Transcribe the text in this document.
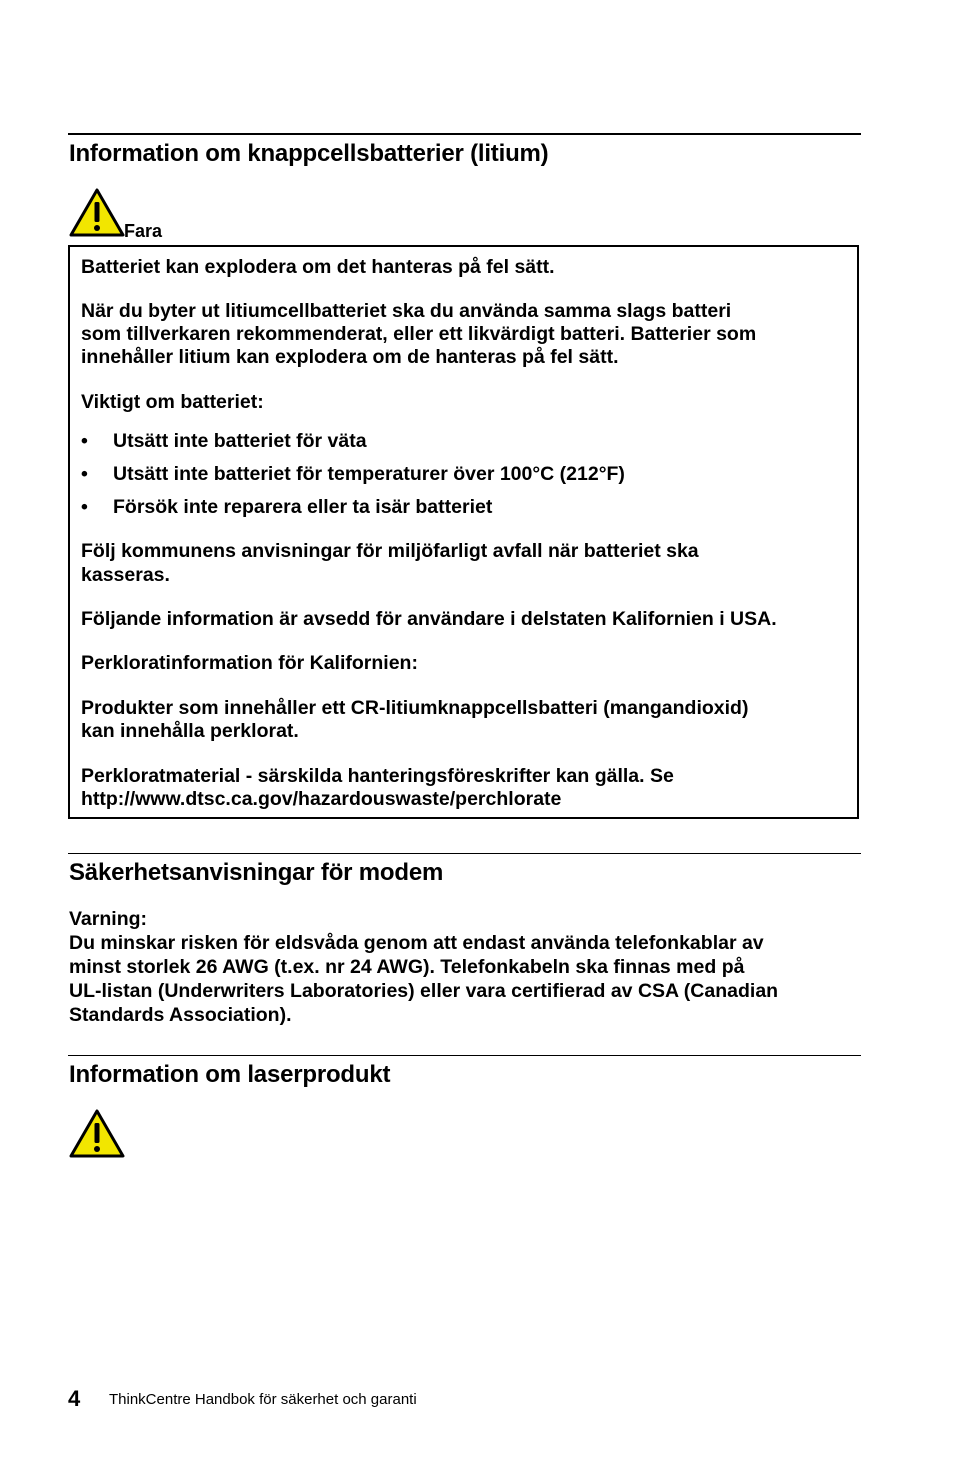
Information om knappcellsbatterier (litium)
Fara

Batteriet kan explodera om det hanteras på fel sätt.

När du byter ut litiumcellbatteriet ska du använda samma slags batteri

som tillverkaren rekommenderat, eller ett likvärdigt batteri. Batterier som

innehåller litium kan explodera om de hanteras på fel sätt.

Viktigt om batteriet:

• Utsätt inte batteriet för väta
• Utsätt inte batteriet för temperaturer över 100°C (212°F)
• Försök inte reparera eller ta isär batteriet

Följ kommunens anvisningar för miljöfarligt avfall när batteriet ska

kasseras.

Följande information är avsedd för användare i delstaten Kalifornien i USA.

Perkloratinformation för Kalifornien:

Produkter som innehåller ett CR-litiumknappcellsbatteri (mangandioxid)

kan innehålla perklorat.

Perkloratmaterial - särskilda hanteringsföreskrifter kan gälla. Se

http://www.dtsc.ca.gov/hazardouswaste/perchlorate

Säkerhetsanvisningar för modem

Varning:

Du minskar risken för eldsvåda genom att endast använda telefonkablar av

minst storlek 26 AWG (t.ex. nr 24 AWG). Telefonkabeln ska finnas med på

UL-listan (Underwriters Laboratories) eller vara certifierad av CSA (Canadian

Standards Association).

Information om laserprodukt
4 ThinkCentre Handbok för säkerhet och garanti
